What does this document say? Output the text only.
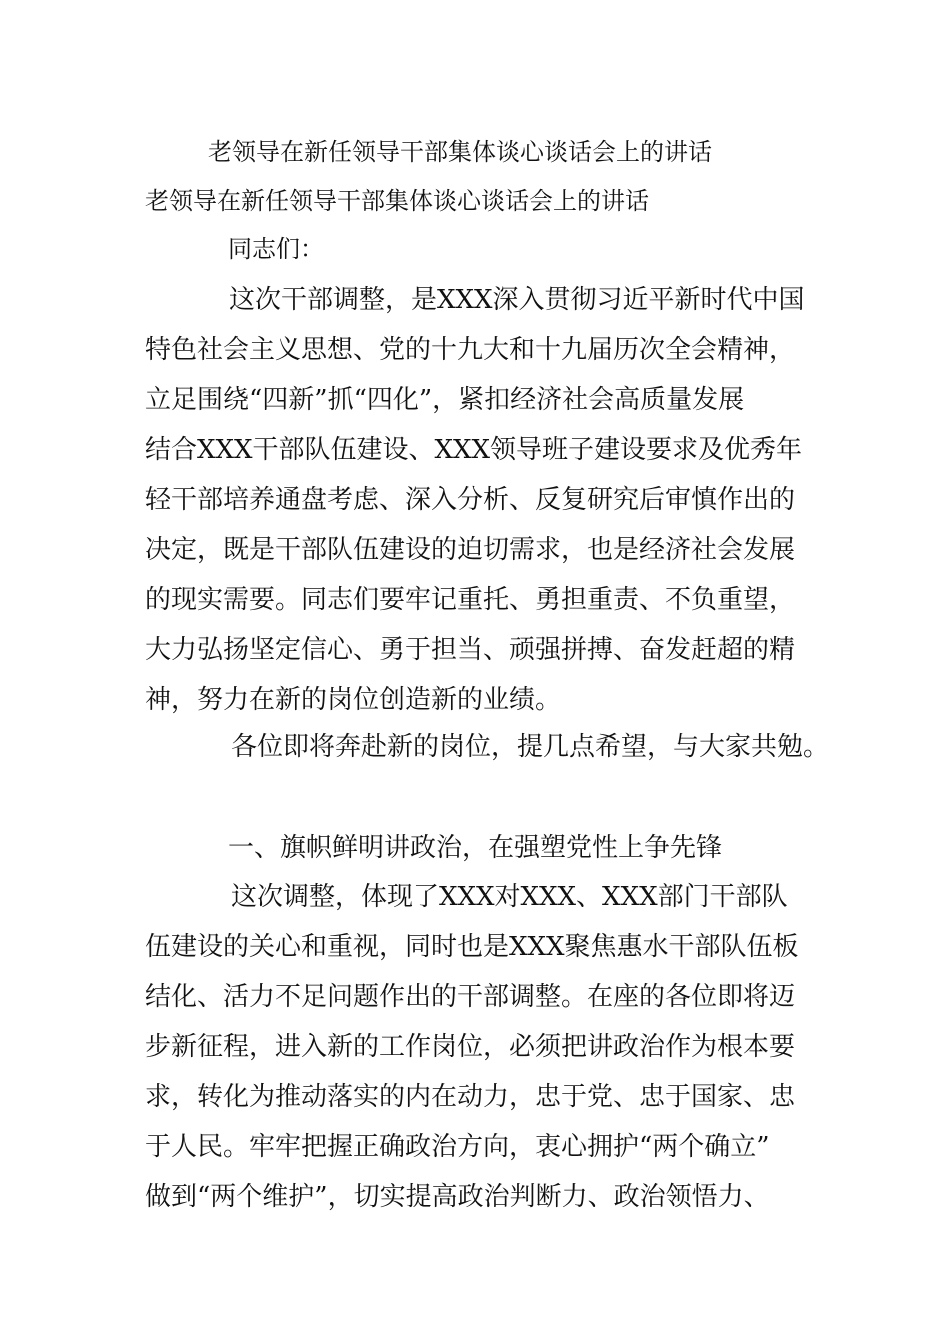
老领导在新任领导干部集体谈心谈话会上的讲话
老领导在新任领导干部集体谈心谈话会上的讲话
同志们：
这次干部调整，是XXX深入贯彻习近平新时代中国
特色社会主义思想、党的十九大和十九届历次全会精神，
立足围绕“四新”抓“四化”，紧扣经济社会高质量发展
结合XXX干部队伍建设、XXX领导班子建设要求及优秀年
轻干部培养通盘考虑、深入分析、反复研究后审慎作出的
决定，既是干部队伍建设的迫切需求，也是经济社会发展
的现实需要。同志们要牢记重托、勇担重责、不负重望，
大力弘扬坚定信心、勇于担当、顽强拼搏、奋发赶超的精
神，努力在新的岗位创造新的业绩。
各位即将奔赴新的岗位，提几点希望，与大家共勉。
一、旗帜鲜明讲政治，在强塑党性上争先锋
这次调整，体现了XXX对XXX、XXX部门干部队
伍建设的关心和重视，同时也是XXX聚焦惠水干部队伍板
结化、活力不足问题作出的干部调整。在座的各位即将迈
步新征程，进入新的工作岗位，必须把讲政治作为根本要
求，转化为推动落实的内在动力，忠于党、忠于国家、忠
于人民。牢牢把握正确政治方向，衷心拥护“两个确立”
做到“两个维护”，切实提高政治判断力、政治领悟力、
